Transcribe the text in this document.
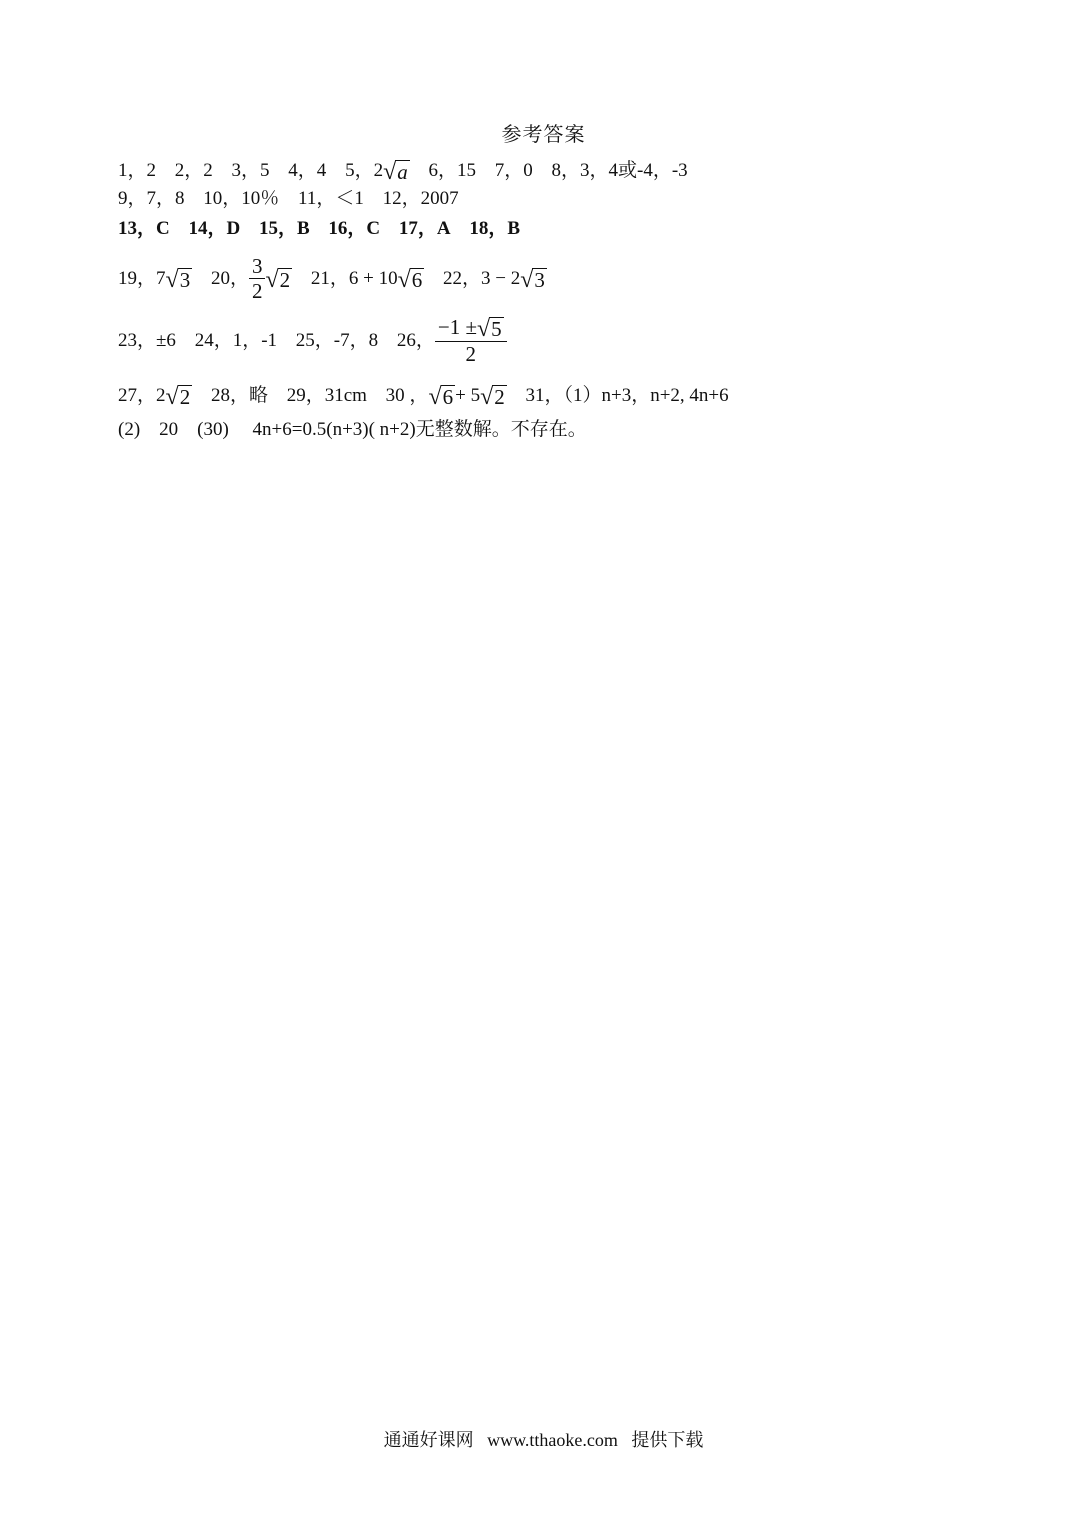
参考答案
1，2 2，2 3，5 4，4 5，2 √ a 6，15 7，0 8，3，4或-4，-3
9，7，8 10，10％ 11，＜1 12，2007
13，C 14，D 15，B 16，C 17，A 18，B
19，7 √ 3 20， $\frac{3}{2}$ √ 2 21，6 + 10 √ 6 22，3 − 2 √ 3
23，±6 24，1，-1 25，-7，8 26， $\frac{-1 \pm √ 5}{2}$
27，2 √ 2 28，略 29，31cm 30 ， √ 6 + 5 √ 2 31，（1）n+3，n+2, 4n+6
(2)    20    (30)     4n+6=0.5(n+3)( n+2)无整数解。不存在。
通通好课网   www.tthaoke.com   提供下载
